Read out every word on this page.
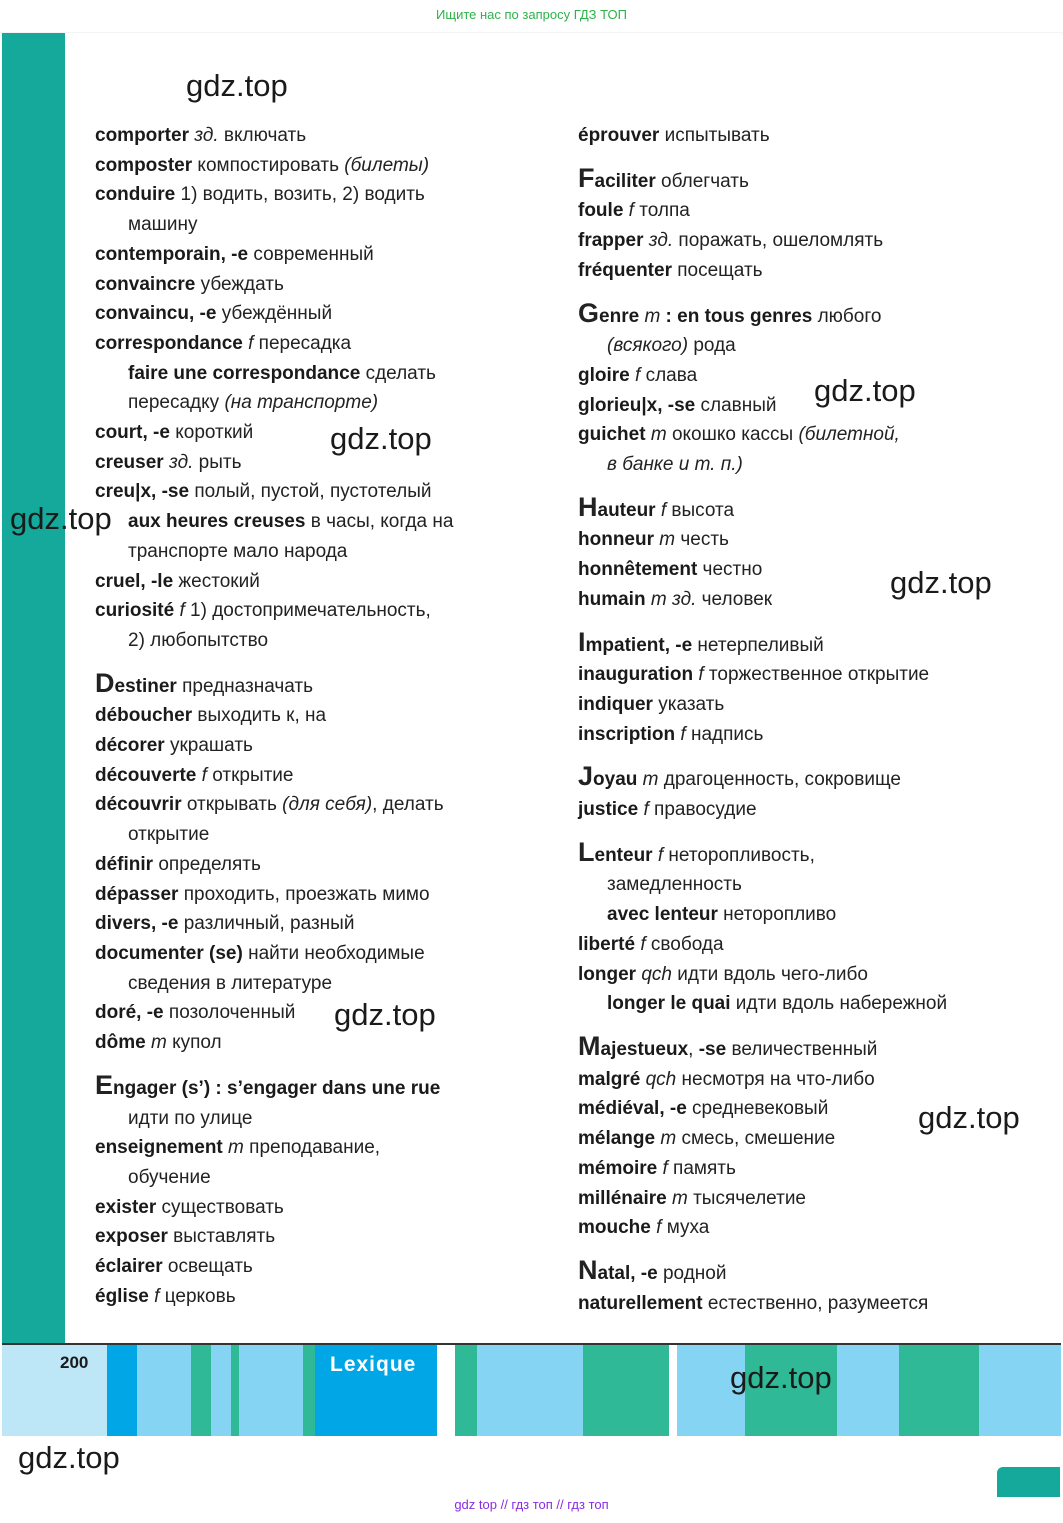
Ищите нас по запросу ГДЗ ТОП

comporter зд. включать

composter компостировать (билеты)

conduire 1) водить, возить, 2) водить

машину

contemporain, -e современный

convaincre убеждать

convaincu, -e убеждённый

correspondance f пересадка

faire une correspondance сделать

пересадку (на транспорте)

court, -e короткий

creuser зд. рыть

creu|x, -se полый, пустой, пустотелый

aux heures creuses в часы, когда на

транспорте мало народа

cruel, -le жестокий

curiosité f 1) достопримечательность,

2) любопытство

Destiner предназначать

déboucher выходить к, на

décorer украшать

découverte f открытие

découvrir открывать (для себя), делать

открытие

définir определять

dépasser проходить, проезжать мимо

divers, -e различный, разный

documenter (se) найти необходимые

сведения в литературе

doré, -e позолоченный

dôme m купол

Engager (s’) : s’engager dans une rue

идти по улице

enseignement m преподавание,

обучение

exister существовать

exposer выставлять

éclairer освещать

église f церковь

éprouver испытывать

Faciliter облегчать

foule f толпа

frapper зд. поражать, ошеломлять

fréquenter посещать

Genre m : en tous genres любого

(всякого) рода

gloire f слава

glorieu|x, -se славный

guichet m окошко кассы (билетной,

в банке и т. п.)

Hauteur f высота

honneur m честь

honnêtement честно

humain m зд. человек

Impatient, -e нетерпеливый

inauguration f торжественное открытие

indiquer указать

inscription f надпись

Joyau m драгоценность, сокровище

justice f правосудие

Lenteur f неторопливость,

замедленность

avec lenteur неторопливо

liberté f свобода

longer qch идти вдоль чего-либо

longer le quai идти вдоль набережной

Majestueux, -se величественный

malgré qch несмотря на что-либо

médiéval, -e средневековый

mélange m смесь, смешение

mémoire f память

millénaire m тысячелетие

mouche f муха

Natal, -e родной

naturellement естественно, разумеется

200	Lexique
gdz.top
gdz.top
gdz.top
gdz.top
gdz.top
gdz.top
gdz.top
gdz.top
gdz.top
gdz top // гдз топ // гдз топ
